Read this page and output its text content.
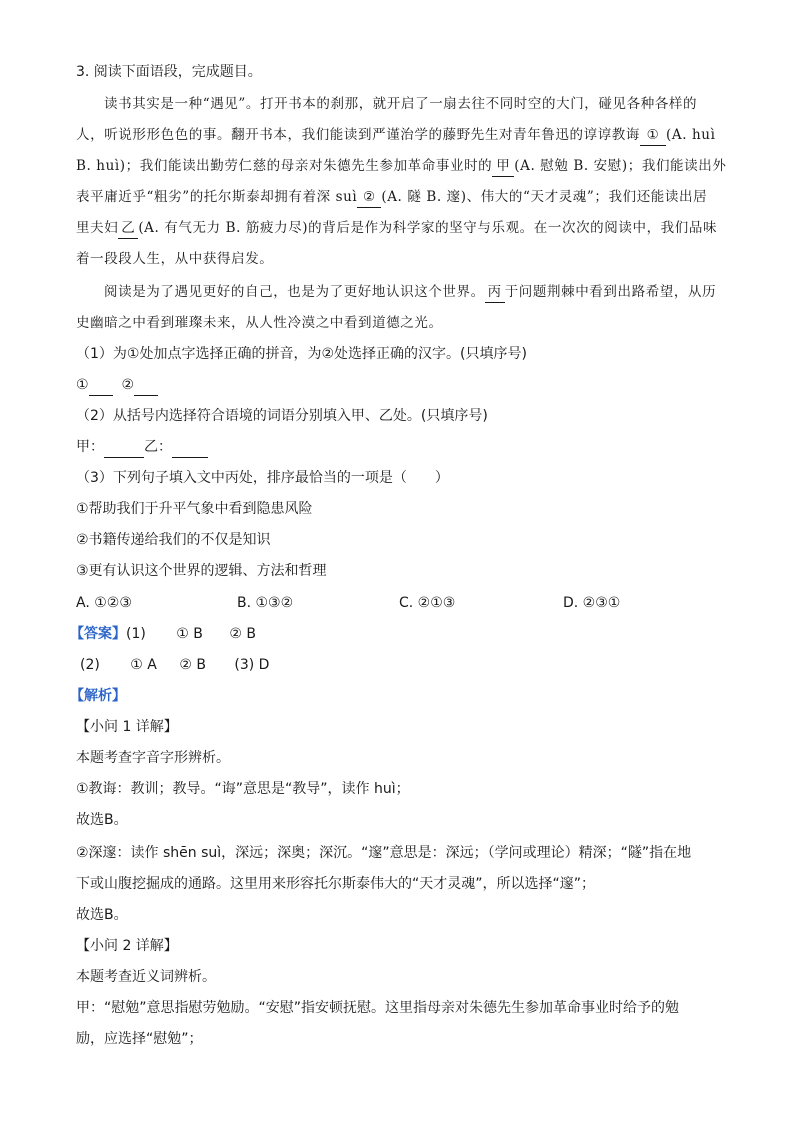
3. 阅读下面语段，完成题目。
读书其实是一种“遇见”。打开书本的刹那，就开启了一扇去往不同时空的大门，碰见各种各样的
人，听说形形色色的事。翻开书本，我们能读到严谨治学的藤野先生对青年鲁迅的谆谆教诲 ① (A. huì
B. huì)；我们能读出勤劳仁慈的母亲对朱德先生参加革命事业时的 甲 (A. 慰勉 B. 安慰)；我们能读出外
表平庸近乎“粗劣”的托尔斯泰却拥有着深 suì ② (A. 隧 B. 邃)、伟大的“天才灵魂”；我们还能读出居
里夫妇 乙 (A. 有气无力 B. 筋疲力尽)的背后是作为科学家的坚守与乐观。在一次次的阅读中，我们品味
着一段段人生，从中获得启发。
阅读是为了遇见更好的自己，也是为了更好地认识这个世界。 丙 于问题荆棘中看到出路希望，从历
史幽暗之中看到璀璨未来，从人性冷漠之中看到道德之光。
（1）为①处加点字选择正确的拼音，为②处选择正确的汉字。(只填序号)
① ②
（2）从括号内选择符合语境的词语分别填入甲、乙处。(只填序号)
甲：	乙：
（3）下列句子填入文中丙处，排序最恰当的一项是（　　）
①帮助我们于升平气象中看到隐患风险
②书籍传递给我们的不仅是知识
③更有认识这个世界的逻辑、方法和哲理
A. ①②③	B. ①③②	C. ②①③	D. ②③①
【答案】(1) ① B ② B
(2) ① A ② B (3) D
【解析】
【小问 1 详解】
本题考查字音字形辨析。
①教诲：教训；教导。“诲”意思是“教导”，读作 huì；
故选B。
②深邃：读作 shēn suì，深远；深奥；深沉。“邃”意思是：深远；（学问或理论）精深；“隧”指在地
下或山腹挖掘成的通路。这里用来形容托尔斯泰伟大的“天才灵魂”，所以选择“邃”；
故选B。
【小问 2 详解】
本题考查近义词辨析。
甲：“慰勉”意思指慰劳勉励。“安慰”指安顿抚慰。这里指母亲对朱德先生参加革命事业时给予的勉
励，应选择“慰勉”；
